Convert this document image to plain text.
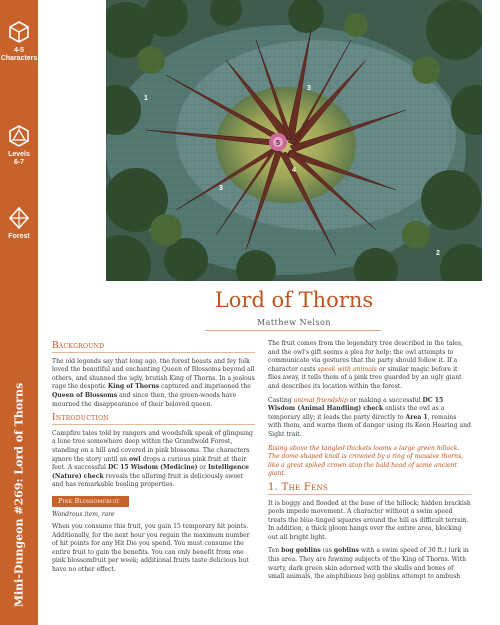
4-5
Characters
Levels
6-7
Forest
Mini-Dungeon #269: Lord of Thorns
1
2
3
4
5
3
Lord of Thorns
Matthew Nelson
Background

The old legends say that long ago, the forest beasts and fey folk loved the beautiful and enchanting Queen of Blossoms beyond all others, and shunned the ugly, brutish King of Thorns. In a jealous rage the despotic King of Thorns captured and imprisoned the Queen of Blossoms and since then, the green-woods have mourned the disappearance of their beloved queen.

Introduction

Campfire tales told by rangers and woodsfolk speak of glimpsing a lone tree somewhere deep within the Grandwold Forest, standing on a hill and covered in pink blossoms. The characters ignore the story until an owl drops a curious pink fruit at their feet. A successful DC 15 Wisdom (Medicine) or Intelligence (Nature) check reveals the alluring fruit is deliciously sweet and has remarkable healing properties.

Pink Blossomfruit
Wondrous item, rare

When you consume this fruit, you gain 15 temporary hit points. Additionally, for the next hour you regain the maximum number of hit points for any Hit Die you spend. You must consume the entire fruit to gain the benefits. You can only benefit from one pink blossomfruit per week; additional fruits taste delicious but have no other effect.

The fruit comes from the legendary tree described in the tales, and the owl's gift seems a plea for help; the owl attempts to communicate via gestures that the party should follow it. If a character casts speak with animals or similar magic before it flies away, it tells them of a pink tree guarded by an ugly giant and describes its location within the forest.

Casting animal friendship or making a successful DC 15 Wisdom (Animal Handling) check enlists the owl as a temporary ally; it leads the party directly to Area 1, remains with them, and warns them of danger using its Keen Hearing and Sight trait.

Rising above the tangled thickets looms a large green hillock. The dome-shaped knoll is crowned by a ring of massive thorns, like a great spiked crown atop the bald head of some ancient giant.

1. The Fens

It is boggy and flooded at the base of the hillock; hidden brackish pools impede movement. A character without a swim speed treats the blue-tinged squares around the hill as difficult terrain. In addition, a thick gloom hangs over the entire area, blocking out all bright light.

Ten bog goblins (as goblins with a swim speed of 30 ft.) lurk in this area. They are fawning subjects of the King of Thorns. With warty, dark green skin adorned with the skulls and bones of small animals, the amphibious bog goblins attempt to ambush
